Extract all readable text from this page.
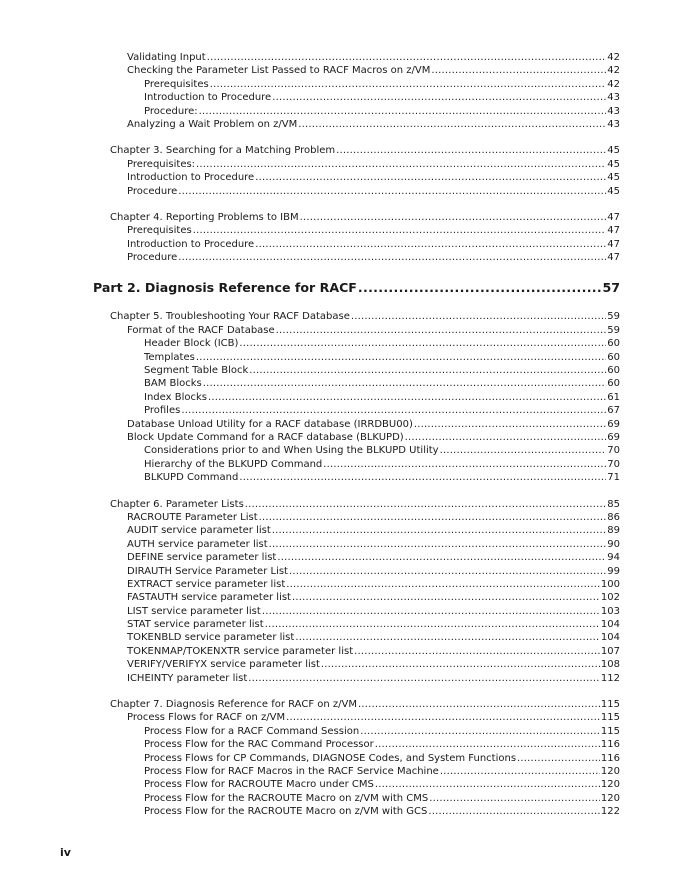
Validating Input .....	42
Checking the Parameter List Passed to RACF Macros on z/VM .....	42
Prerequisites .....	42
Introduction to Procedure .....	43
Procedure: .....	43
Analyzing a Wait Problem on z/VM .....	43
Chapter 3. Searching for a Matching Problem .....	45
Prerequisites: .....	45
Introduction to Procedure .....	45
Procedure .....	45
Chapter 4. Reporting Problems to IBM .....	47
Prerequisites .....	47
Introduction to Procedure .....	47
Procedure .....	47
Part 2. Diagnosis Reference for RACF .....	57
Chapter 5. Troubleshooting Your RACF Database .....	59
Format of the RACF Database .....	59
Header Block (ICB) .....	60
Templates .....	60
Segment Table Block .....	60
BAM Blocks .....	60
Index Blocks .....	61
Profiles .....	67
Database Unload Utility for a RACF database (IRRDBU00) .....	69
Block Update Command for a RACF database (BLKUPD) .....	69
Considerations prior to and When Using the BLKUPD Utility .....	70
Hierarchy of the BLKUPD Command .....	70
BLKUPD Command .....	71
Chapter 6. Parameter Lists .....	85
RACROUTE Parameter List .....	86
AUDIT service parameter list .....	89
AUTH service parameter list .....	90
DEFINE service parameter list .....	94
DIRAUTH Service Parameter List .....	99
EXTRACT service parameter list .....	100
FASTAUTH service parameter list .....	102
LIST service parameter list .....	103
STAT service parameter list .....	104
TOKENBLD service parameter list .....	104
TOKENMAP/TOKENXTR service parameter list .....	107
VERIFY/VERIFYX service parameter list .....	108
ICHEINTY parameter list .....	112
Chapter 7. Diagnosis Reference for RACF on z/VM .....	115
Process Flows for RACF on z/VM .....	115
Process Flow for a RACF Command Session .....	115
Process Flow for the RAC Command Processor .....	116
Process Flows for CP Commands, DIAGNOSE Codes, and System Functions .....	116
Process Flow for RACF Macros in the RACF Service Machine .....	120
Process Flow for RACROUTE Macro under CMS .....	120
Process Flow for the RACROUTE Macro on z/VM with CMS .....	120
Process Flow for the RACROUTE Macro on z/VM with GCS .....	122
iv
